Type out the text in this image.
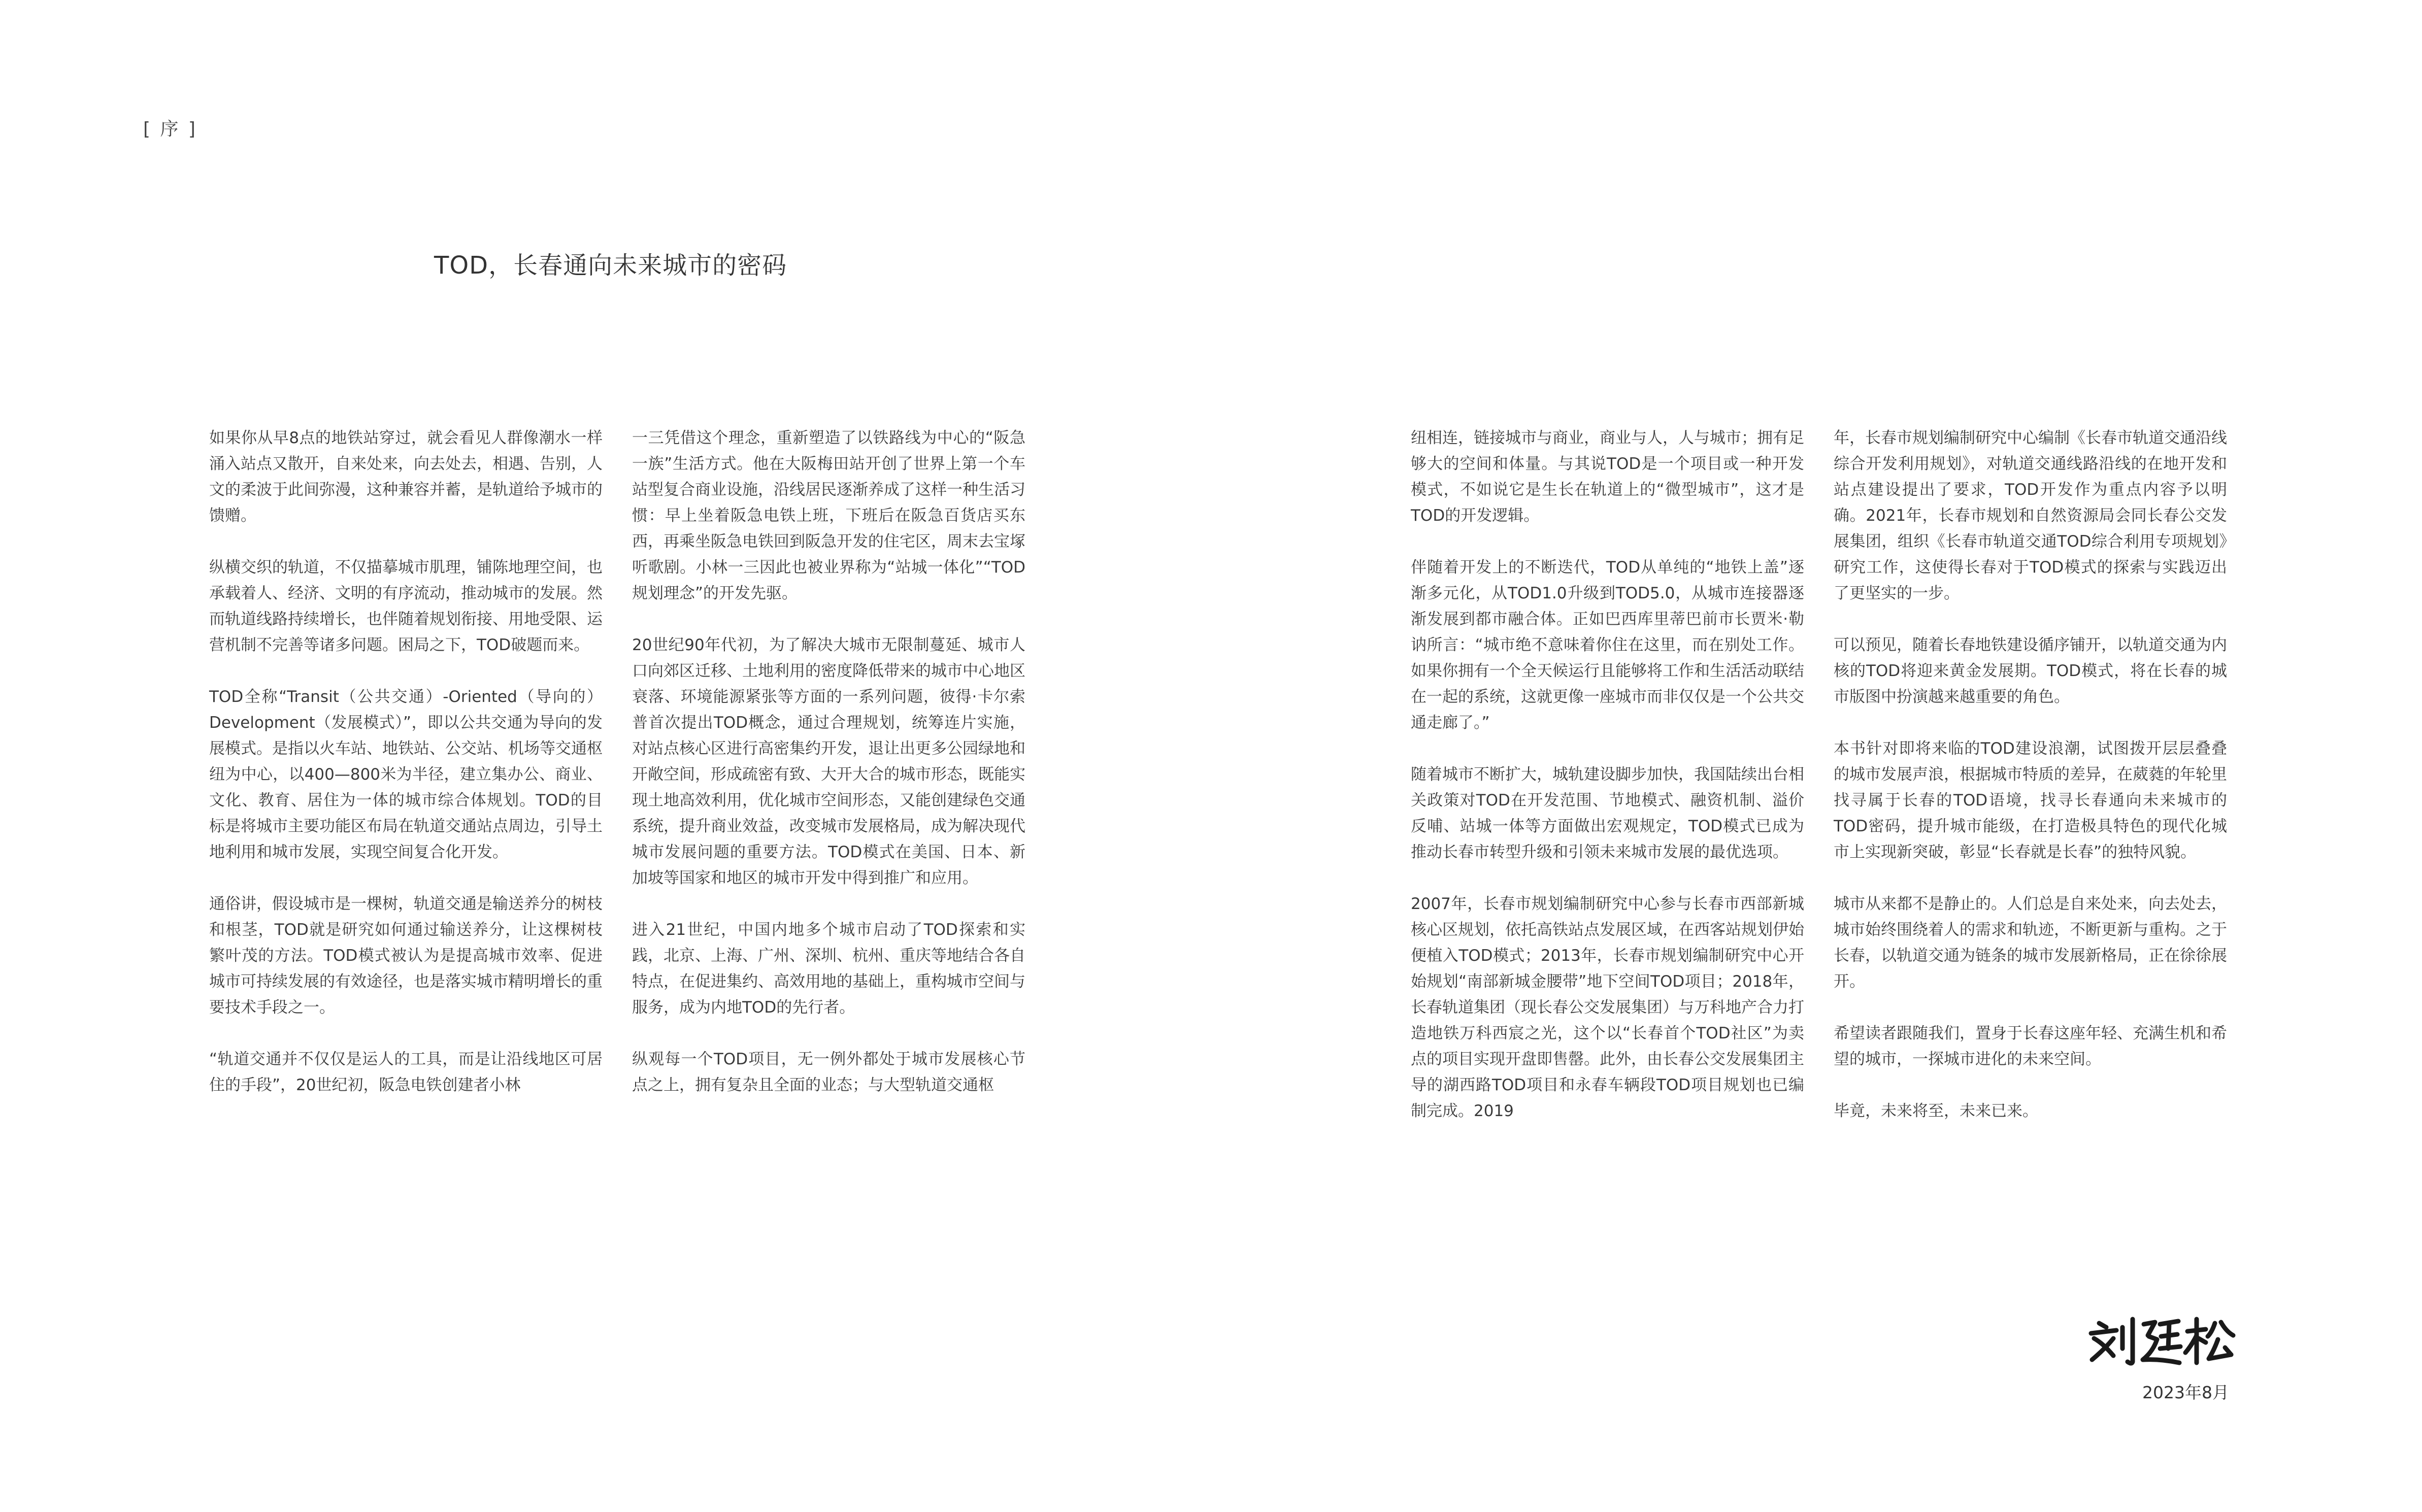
[ 序 ]
TOD，长春通向未来城市的密码

如果你从早8点的地铁站穿过，就会看见人群像潮水一样涌入站点又散开，自来处来，向去处去，相遇、告别，人文的柔波于此间弥漫，这种兼容并蓄，是轨道给予城市的馈赠。

纵横交织的轨道，不仅描摹城市肌理，铺陈地理空间，也承载着人、经济、文明的有序流动，推动城市的发展。然而轨道线路持续增长，也伴随着规划衔接、用地受限、运营机制不完善等诸多问题。困局之下，TOD破题而来。

TOD全称“Transit（公共交通）-Oriented（导向的）Development（发展模式）”，即以公共交通为导向的发展模式。是指以火车站、地铁站、公交站、机场等交通枢纽为中心，以400—800米为半径，建立集办公、商业、文化、教育、居住为一体的城市综合体规划。TOD的目标是将城市主要功能区布局在轨道交通站点周边，引导土地利用和城市发展，实现空间复合化开发。

通俗讲，假设城市是一棵树，轨道交通是输送养分的树枝和根茎，TOD就是研究如何通过输送养分，让这棵树枝繁叶茂的方法。TOD模式被认为是提高城市效率、促进城市可持续发展的有效途径，也是落实城市精明增长的重要技术手段之一。

“轨道交通并不仅仅是运人的工具，而是让沿线地区可居住的手段”，20世纪初，阪急电铁创建者小林

一三凭借这个理念，重新塑造了以铁路线为中心的“阪急一族”生活方式。他在大阪梅田站开创了世界上第一个车站型复合商业设施，沿线居民逐渐养成了这样一种生活习惯：早上坐着阪急电铁上班，下班后在阪急百货店买东西，再乘坐阪急电铁回到阪急开发的住宅区，周末去宝塚听歌剧。小林一三因此也被业界称为“站城一体化”“TOD规划理念”的开发先驱。

20世纪90年代初，为了解决大城市无限制蔓延、城市人口向郊区迁移、土地利用的密度降低带来的城市中心地区衰落、环境能源紧张等方面的一系列问题，彼得·卡尔索普首次提出TOD概念，通过合理规划，统筹连片实施，对站点核心区进行高密集约开发，退让出更多公园绿地和开敞空间，形成疏密有致、大开大合的城市形态，既能实现土地高效利用，优化城市空间形态，又能创建绿色交通系统，提升商业效益，改变城市发展格局，成为解决现代城市发展问题的重要方法。TOD模式在美国、日本、新加坡等国家和地区的城市开发中得到推广和应用。

进入21世纪，中国内地多个城市启动了TOD探索和实践，北京、上海、广州、深圳、杭州、重庆等地结合各自特点，在促进集约、高效用地的基础上，重构城市空间与服务，成为内地TOD的先行者。

纵观每一个TOD项目，无一例外都处于城市发展核心节点之上，拥有复杂且全面的业态；与大型轨道交通枢

纽相连，链接城市与商业，商业与人，人与城市；拥有足够大的空间和体量。与其说TOD是一个项目或一种开发模式，不如说它是生长在轨道上的“微型城市”，这才是TOD的开发逻辑。

伴随着开发上的不断迭代，TOD从单纯的“地铁上盖”逐渐多元化，从TOD1.0升级到TOD5.0，从城市连接器逐渐发展到都市融合体。正如巴西库里蒂巴前市长贾米·勒讷所言：“城市绝不意味着你住在这里，而在别处工作。如果你拥有一个全天候运行且能够将工作和生活活动联结在一起的系统，这就更像一座城市而非仅仅是一个公共交通走廊了。”

随着城市不断扩大，城轨建设脚步加快，我国陆续出台相关政策对TOD在开发范围、节地模式、融资机制、溢价反哺、站城一体等方面做出宏观规定，TOD模式已成为推动长春市转型升级和引领未来城市发展的最优选项。

2007年，长春市规划编制研究中心参与长春市西部新城核心区规划，依托高铁站点发展区域，在西客站规划伊始便植入TOD模式；2013年，长春市规划编制研究中心开始规划“南部新城金腰带”地下空间TOD项目；2018年，长春轨道集团（现长春公交发展集团）与万科地产合力打造地铁万科西宸之光，这个以“长春首个TOD社区”为卖点的项目实现开盘即售罄。此外，由长春公交发展集团主导的湖西路TOD项目和永春车辆段TOD项目规划也已编制完成。2019

年，长春市规划编制研究中心编制《长春市轨道交通沿线综合开发利用规划》，对轨道交通线路沿线的在地开发和站点建设提出了要求，TOD开发作为重点内容予以明确。2021年，长春市规划和自然资源局会同长春公交发展集团，组织《长春市轨道交通TOD综合利用专项规划》研究工作，这使得长春对于TOD模式的探索与实践迈出了更坚实的一步。

可以预见，随着长春地铁建设循序铺开，以轨道交通为内核的TOD将迎来黄金发展期。TOD模式，将在长春的城市版图中扮演越来越重要的角色。

本书针对即将来临的TOD建设浪潮，试图拨开层层叠叠的城市发展声浪，根据城市特质的差异，在葳蕤的年轮里找寻属于长春的TOD语境，找寻长春通向未来城市的TOD密码，提升城市能级，在打造极具特色的现代化城市上实现新突破，彰显“长春就是长春”的独特风貌。

城市从来都不是静止的。人们总是自来处来，向去处去，城市始终围绕着人的需求和轨迹，不断更新与重构。之于长春，以轨道交通为链条的城市发展新格局，正在徐徐展开。

希望读者跟随我们，置身于长春这座年轻、充满生机和希望的城市，一探城市进化的未来空间。

毕竟，未来将至，未来已来。

2023年8月
